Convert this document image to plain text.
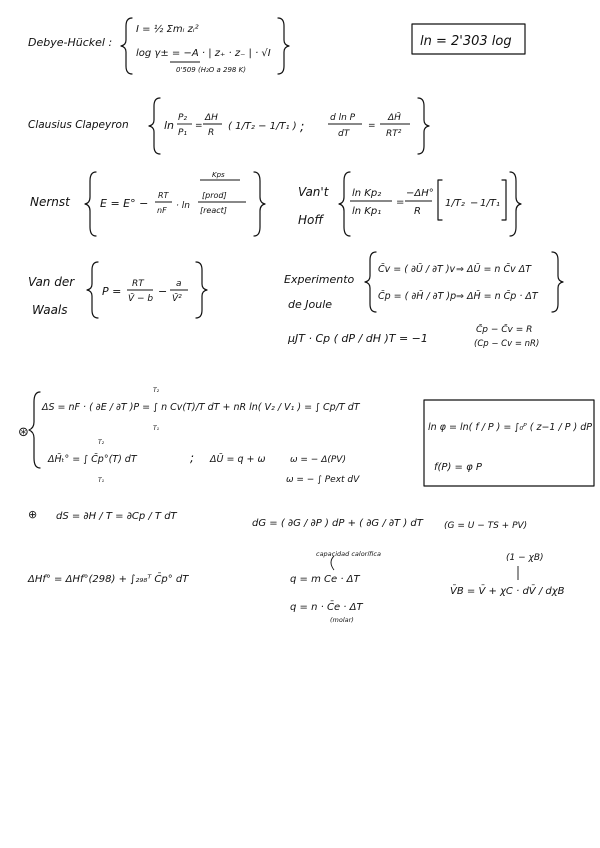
Debye-Hückel :
I = ½ Σmᵢ zᵢ²
log γ± = −A · | z₊ · z₋ | · √I
0'509 (H₂O a 298 K)
ln = 2'303 log
Clausius Clapeyron	ln
P₂
P₁
=
ΔH
R
( 1/T₂ − 1/T₁ ) ;
d ln P
dT
=
ΔH̄
RT²
Nernst	E = E° −
RT
nF · ln
Kps
[prod]
[react]
Van't
Hoff
ln Kp₂
ln Kp₁
=
−ΔH°
R
1/T₂ − 1/T₁
Van der
Waals
P =
RT
V̄ − b
−
a
V̄²
Experimento
de Joule
C̄v = ( ∂Ū / ∂T )v ⇒ ΔŪ = n C̄v ΔT
C̄p = ( ∂H̄ / ∂T )p ⇒ ΔH̄ = n C̄p · ΔT
μJT · Cp ( dP / dH )T = −1
C̄p − C̄v = R
(Cp − Cv = nR)
⊛
ΔS = nF · ( ∂E / ∂T )P = ∫ n Cv(T)/T dT + nR ln( V₂ / V₁ ) = ∫ Cp/T dT
T₂
T₁
ΔH̄ₜ° = ∫ C̄p°(T) dT
T₂
T₁
; ΔŪ = q + ω	ω = − Δ(PV)
ω = − ∫ Pext dV
ln φ = ln( f / P ) = ∫₀ᴾ ( z−1 / P ) dP
f(P) = φ P
⊕ dS = ∂H / T = ∂Cp / T dT
dG = ( ∂G / ∂P ) dP + ( ∂G / ∂T ) dT (G = U − TS + PV)
ΔHf° = ΔHf°(298) + ∫₂₉₈ᵀ C̄p° dT
capacidad calorífica
q = m Ce · ΔT
q = n · C̄e · ΔT
(molar)
(1 − χB)
V̄B = V̄ + χC · dV̄ / dχB
